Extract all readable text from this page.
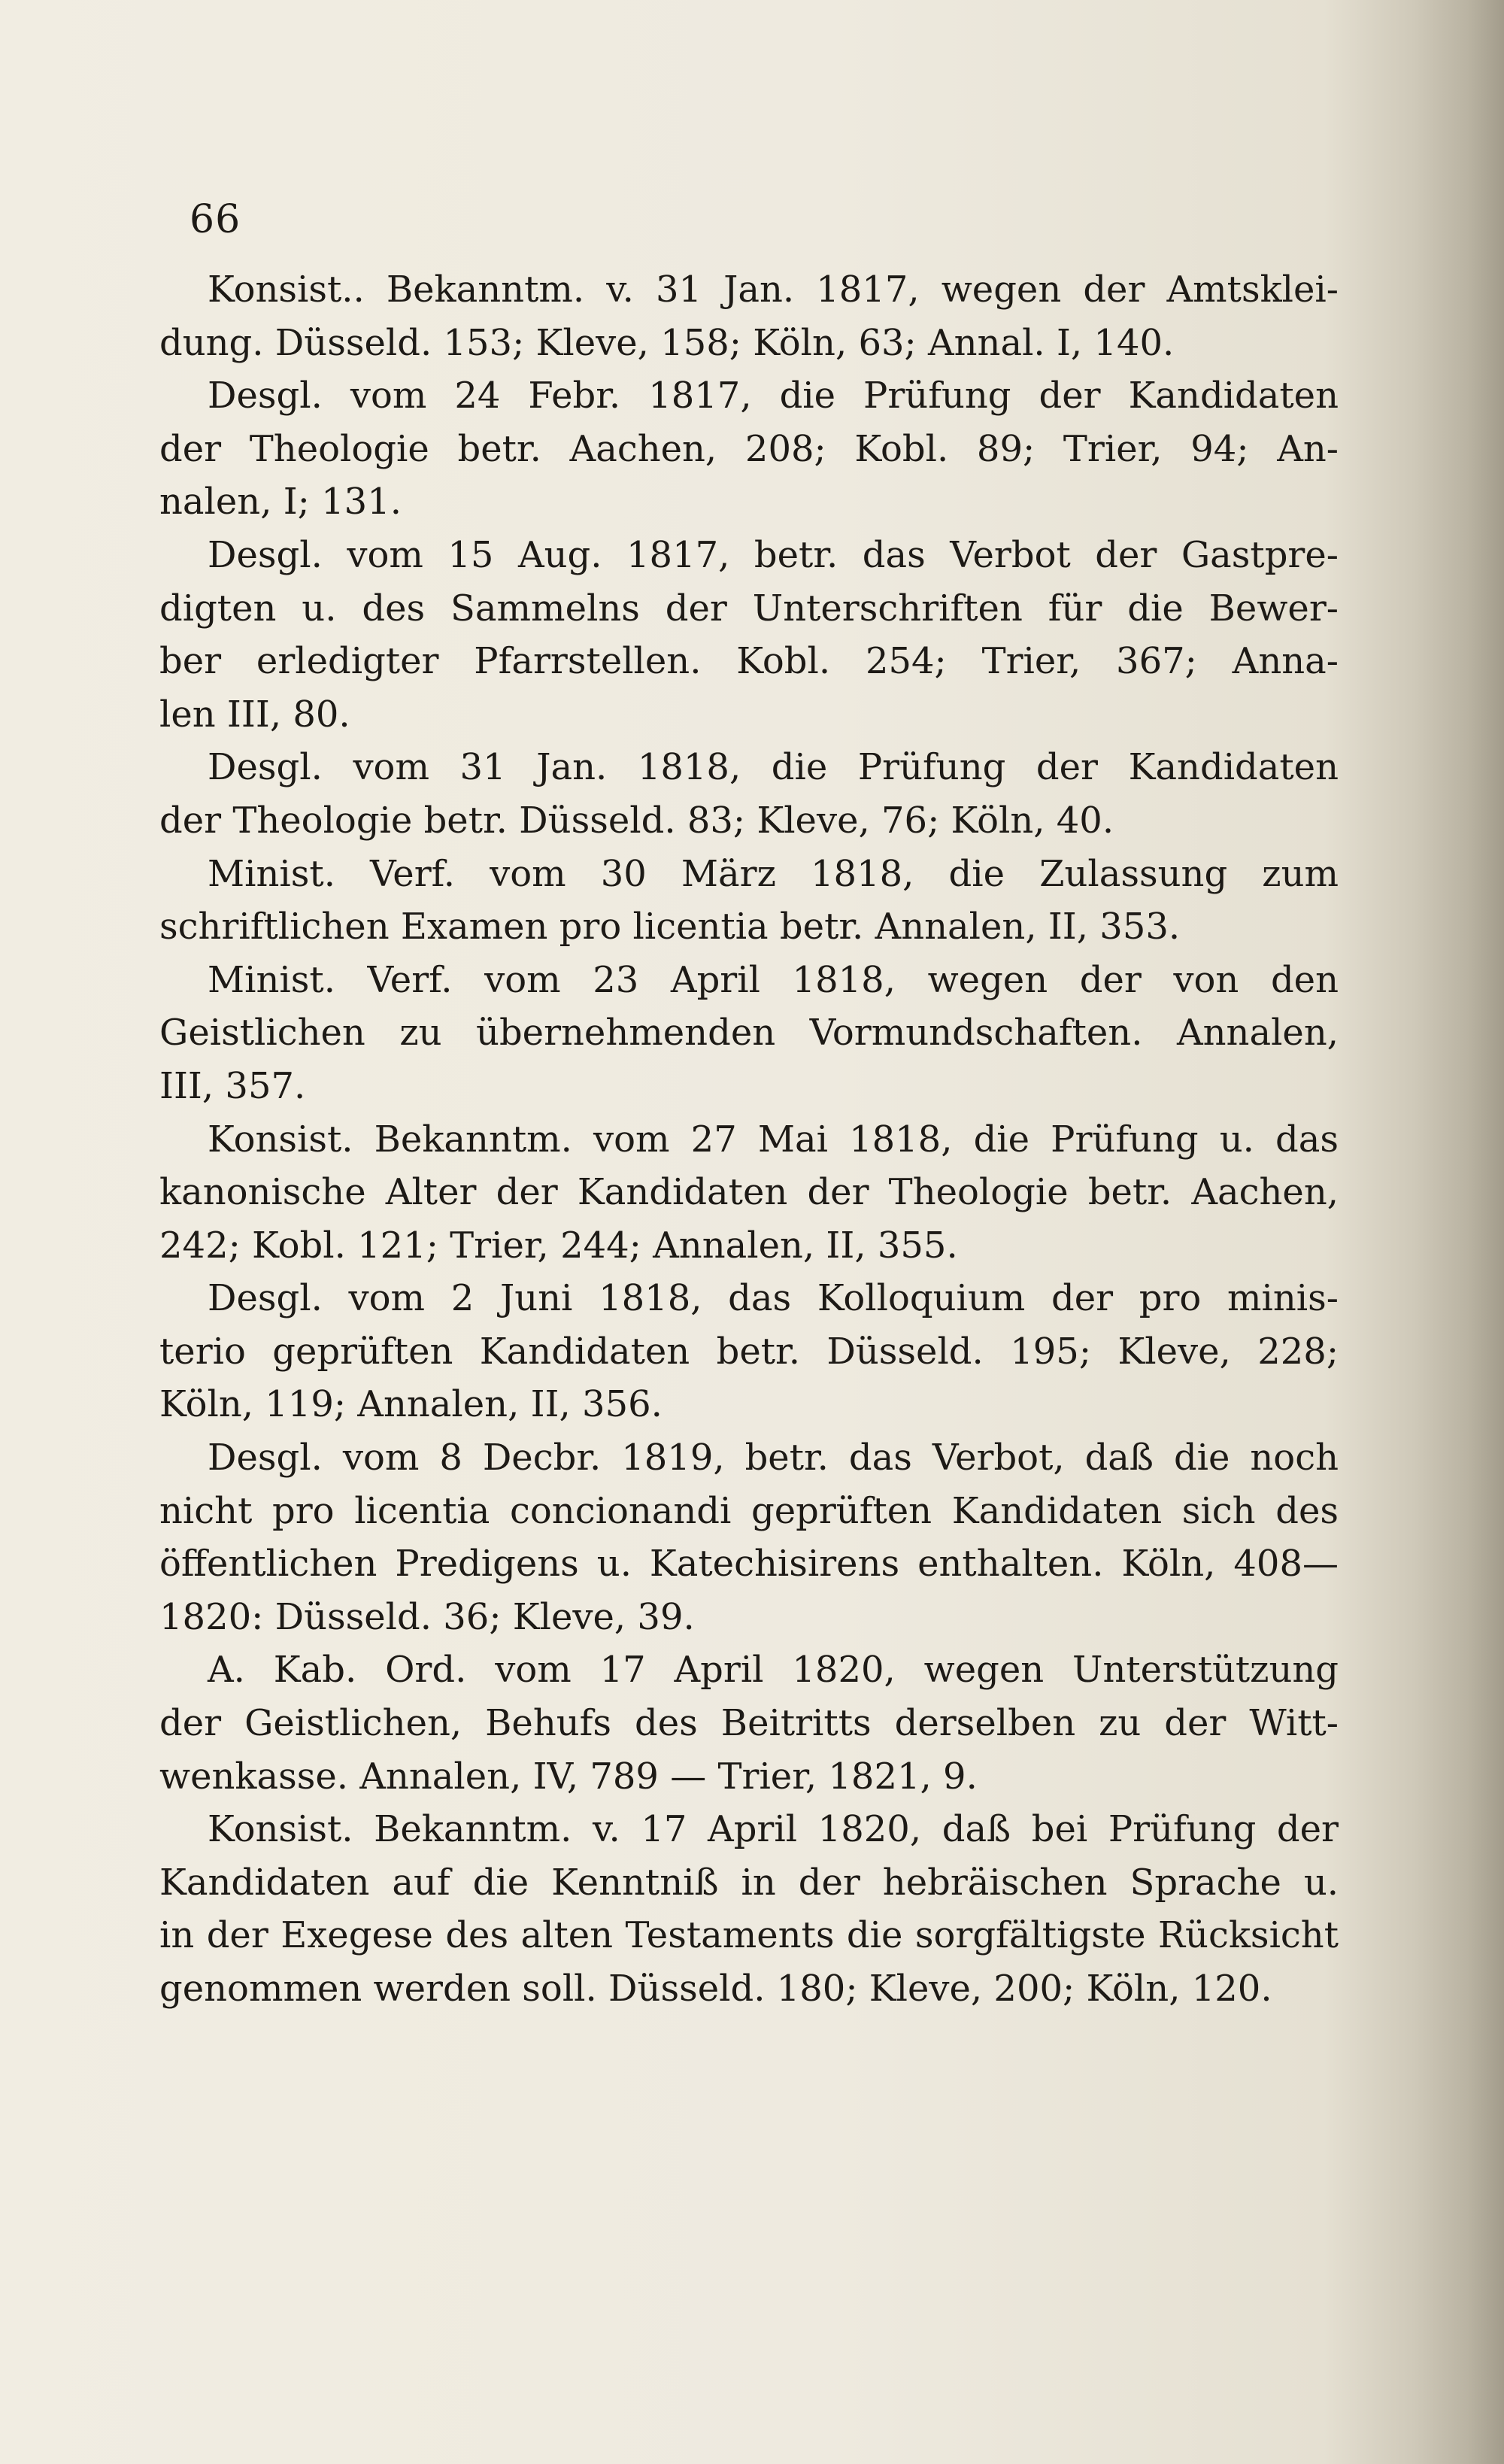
66
Konsist.. Bekanntm. v. 31 Jan. 1817, wegen der Amtsklei-
dung. Düsseld. 153; Kleve, 158; Köln, 63; Annal. I, 140.
Desgl. vom 24 Febr. 1817, die Prüfung der Kandidaten
der Theologie betr. Aachen, 208; Kobl. 89; Trier, 94; An-
nalen, I; 131.
Desgl. vom 15 Aug. 1817, betr. das Verbot der Gastpre-
digten u. des Sammelns der Unterschriften für die Bewer-
ber erledigter Pfarrstellen. Kobl. 254; Trier, 367; Anna-
len III, 80.
Desgl. vom 31 Jan. 1818, die Prüfung der Kandidaten
der Theologie betr. Düsseld. 83; Kleve, 76; Köln, 40.
Minist. Verf. vom 30 März 1818, die Zulassung zum
schriftlichen Examen pro licentia betr. Annalen, II, 353.
Minist. Verf. vom 23 April 1818, wegen der von den
Geistlichen zu übernehmenden Vormundschaften. Annalen,
III, 357.
Konsist. Bekanntm. vom 27 Mai 1818, die Prüfung u. das
kanonische Alter der Kandidaten der Theologie betr. Aachen,
242; Kobl. 121; Trier, 244; Annalen, II, 355.
Desgl. vom 2 Juni 1818, das Kolloquium der pro minis-
terio geprüften Kandidaten betr. Düsseld. 195; Kleve, 228;
Köln, 119; Annalen, II, 356.
Desgl. vom 8 Decbr. 1819, betr. das Verbot, daß die noch
nicht pro licentia concionandi geprüften Kandidaten sich des
öffentlichen Predigens u. Katechisirens enthalten. Köln, 408—
1820: Düsseld. 36; Kleve, 39.
A. Kab. Ord. vom 17 April 1820, wegen Unterstützung
der Geistlichen, Behufs des Beitritts derselben zu der Witt-
wenkasse. Annalen, IV, 789 — Trier, 1821, 9.
Konsist. Bekanntm. v. 17 April 1820, daß bei Prüfung der
Kandidaten auf die Kenntniß in der hebräischen Sprache u.
in der Exegese des alten Testaments die sorgfältigste Rücksicht
genommen werden soll. Düsseld. 180; Kleve, 200; Köln, 120.
